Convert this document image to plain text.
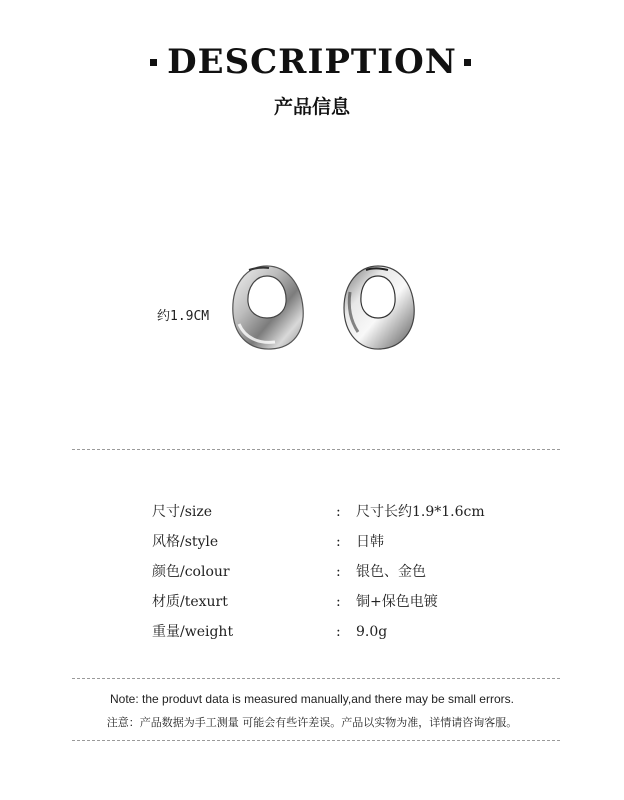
DESCRIPTION
产品信息
约1.9CM
尺寸/size	: 尺寸长约1.9*1.6cm
风格/style	: 日韩
颜色/colour	: 银色、金色
材质/texurt	: 铜+保色电镀
重量/weight	: 9.0g
Note: the produvt data is measured manually,and there may be small errors.
注意：产品数据为手工测量 可能会有些许差误。产品以实物为准，详情请咨询客服。
